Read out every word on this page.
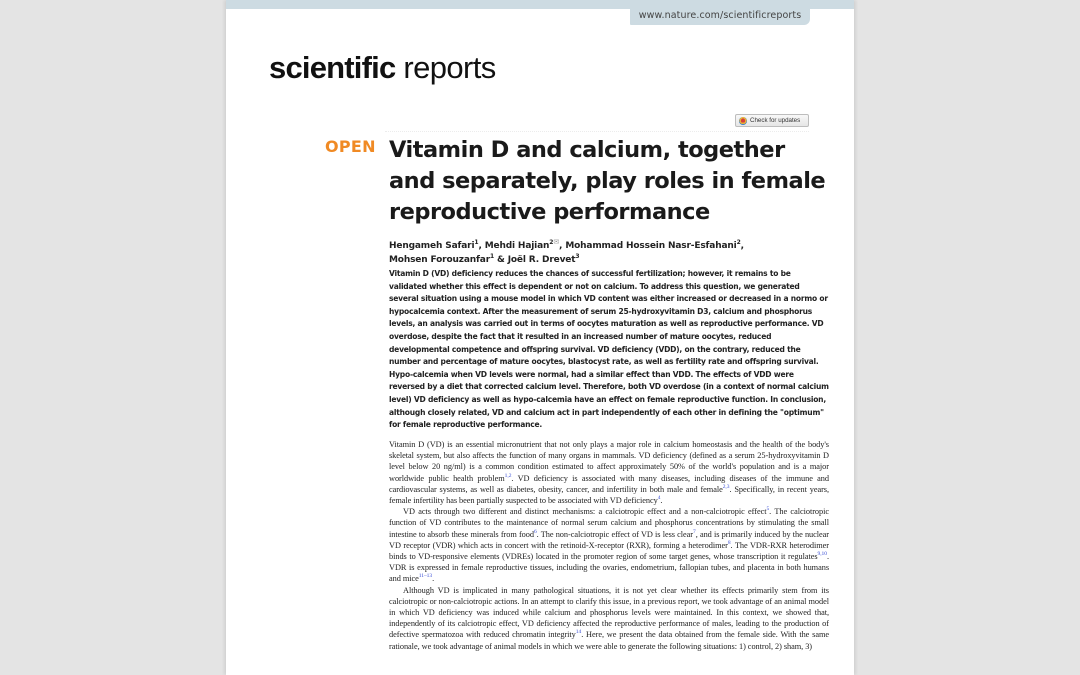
www.nature.com/scientificreports
scientific reports
Check for updates
OPEN Vitamin D and calcium, together and separately, play roles in female reproductive performance
Hengameh Safari$^1$, Mehdi Hajian$^{2✉}$, Mohammad Hossein Nasr-Esfahani$^2$,
Mohsen Forouzanfar$^1$ & Joël R. Drevet$^3$

Vitamin D (VD) deficiency reduces the chances of successful fertilization; however, it remains to be validated whether this effect is dependent or not on calcium. To address this question, we generated several situation using a mouse model in which VD content was either increased or decreased in a normo or hypocalcemia context. After the measurement of serum 25-hydroxyvitamin D3, calcium and phosphorus levels, an analysis was carried out in terms of oocytes maturation as well as reproductive performance. VD overdose, despite the fact that it resulted in an increased number of mature oocytes, reduced developmental competence and offspring survival. VD deficiency (VDD), on the contrary, reduced the number and percentage of mature oocytes, blastocyst rate, as well as fertility rate and offspring survival. Hypo-calcemia when VD levels were normal, had a similar effect than VDD. The effects of VDD were reversed by a diet that corrected calcium level. Therefore, both VD overdose (in a context of normal calcium level) VD deficiency as well as hypo-calcemia have an effect on female reproductive function. In conclusion, although closely related, VD and calcium act in part independently of each other in defining the "optimum" for female reproductive performance.

Vitamin D (VD) is an essential micronutrient that not only plays a major role in calcium homeostasis and the health of the body's skeletal system, but also affects the function of many organs in mammals. VD deficiency (defined as a serum 25-hydroxyvitamin D level below 20 ng/ml) is a common condition estimated to affect approximately 50% of the world's population and is a major worldwide public health problem$^{1,2}$. VD deficiency is associated with many diseases, including diseases of the immune and cardiovascular systems, as well as diabetes, obesity, cancer, and infertility in both male and female$^{2,3}$. Specifically, in recent years, female infertility has been partially suspected to be associated with VD deficiency$^4$.

VD acts through two different and distinct mechanisms: a calciotropic effect and a non-calciotropic effect$^5$. The calciotropic function of VD contributes to the maintenance of normal serum calcium and phosphorus concentrations by stimulating the small intestine to absorb these minerals from food$^6$. The non-calciotropic effect of VD is less clear$^7$, and is primarily induced by the nuclear VD receptor (VDR) which acts in concert with the retinoid-X-receptor (RXR), forming a heterodimer$^8$. The VDR-RXR heterodimer binds to VD-responsive elements (VDREs) located in the promoter region of some target genes, whose transcription it regulates$^{9,10}$. VDR is expressed in female reproductive tissues, including the ovaries, endometrium, fallopian tubes, and placenta in both humans and mice$^{11-13}$.

Although VD is implicated in many pathological situations, it is not yet clear whether its effects primarily stem from its calciotropic or non-calciotropic actions. In an attempt to clarify this issue, in a previous report, we took advantage of an animal model in which VD deficiency was induced while calcium and phosphorus levels were maintained. In this context, we showed that, independently of its calciotropic effect, VD deficiency affected the reproductive performance of males, leading to the production of defective spermatozoa with reduced chromatin integrity$^{14}$. Here, we present the data obtained from the female side. With the same rationale, we took advantage of animal models in which we were able to generate the following situations: 1) control, 2) sham, 3)
